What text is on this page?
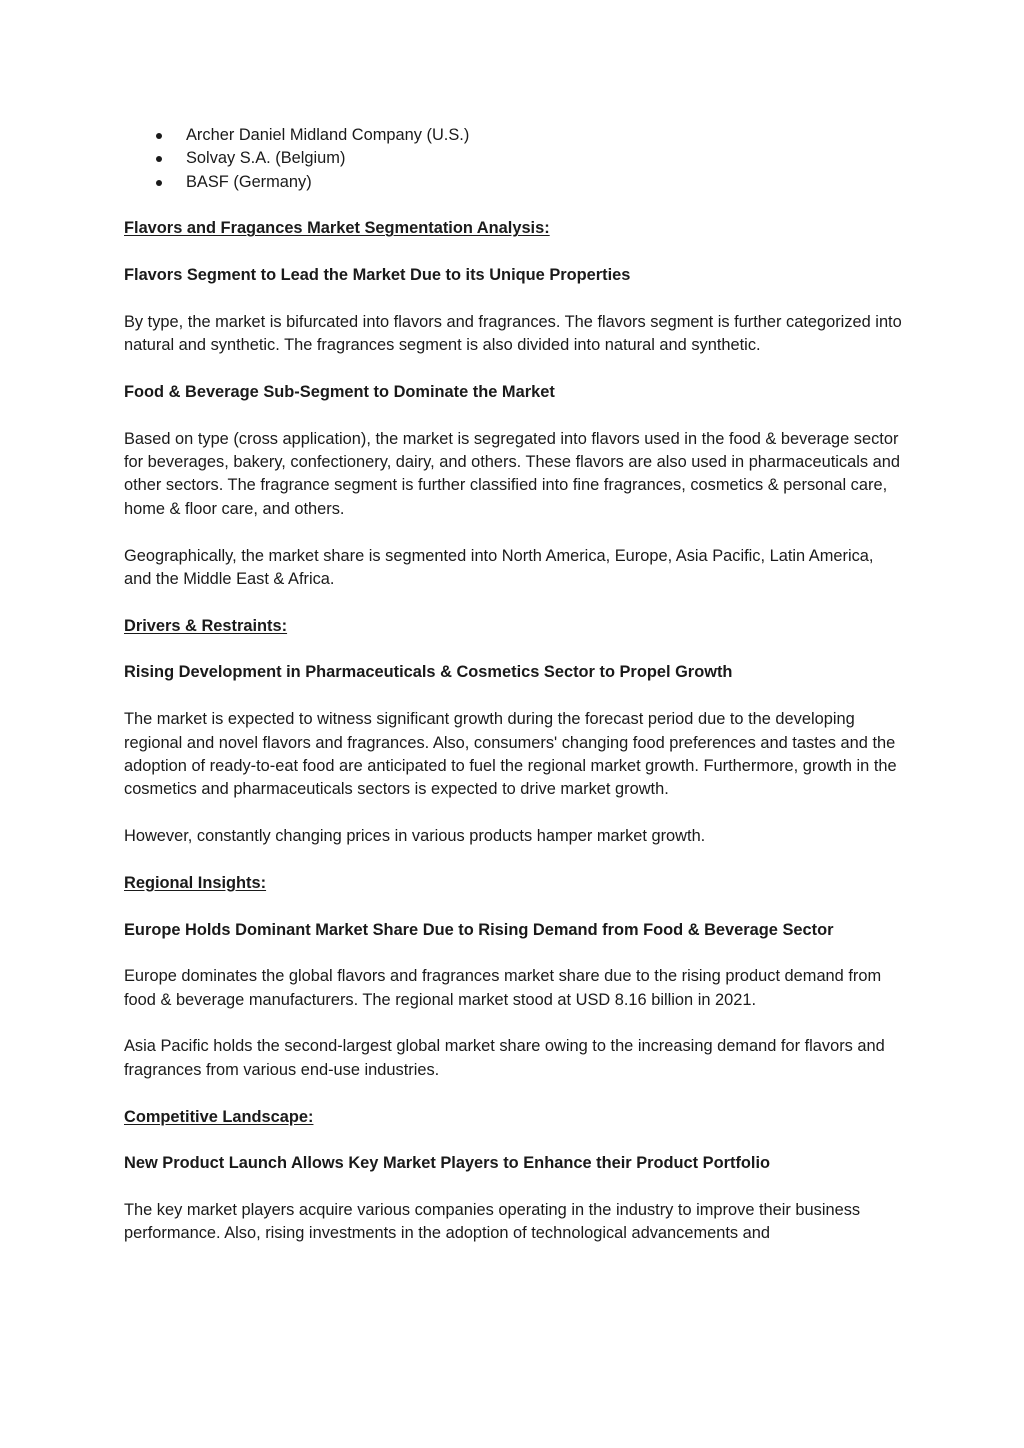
Archer Daniel Midland Company (U.S.)
Solvay S.A. (Belgium)
BASF (Germany)
Flavors and Fragances Market Segmentation Analysis:
Flavors Segment to Lead the Market Due to its Unique Properties

By type, the market is bifurcated into flavors and fragrances. The flavors segment is further categorized into natural and synthetic. The fragrances segment is also divided into natural and synthetic.

Food & Beverage Sub-Segment to Dominate the Market

Based on type (cross application), the market is segregated into flavors used in the food & beverage sector for beverages, bakery, confectionery, dairy, and others. These flavors are also used in pharmaceuticals and other sectors. The fragrance segment is further classified into fine fragrances, cosmetics & personal care, home & floor care, and others.

Geographically, the market share is segmented into North America, Europe, Asia Pacific, Latin America, and the Middle East & Africa.

Drivers & Restraints:
Rising Development in Pharmaceuticals & Cosmetics Sector to Propel Growth

The market is expected to witness significant growth during the forecast period due to the developing regional and novel flavors and fragrances. Also, consumers' changing food preferences and tastes and the adoption of ready-to-eat food are anticipated to fuel the regional market growth. Furthermore, growth in the cosmetics and pharmaceuticals sectors is expected to drive market growth.

However, constantly changing prices in various products hamper market growth.

Regional Insights:
Europe Holds Dominant Market Share Due to Rising Demand from Food & Beverage Sector

Europe dominates the global flavors and fragrances market share due to the rising product demand from food & beverage manufacturers. The regional market stood at USD 8.16 billion in 2021.

Asia Pacific holds the second-largest global market share owing to the increasing demand for flavors and fragrances from various end-use industries.

Competitive Landscape:
New Product Launch Allows Key Market Players to Enhance their Product Portfolio

The key market players acquire various companies operating in the industry to improve their business performance. Also, rising investments in the adoption of technological advancements and
